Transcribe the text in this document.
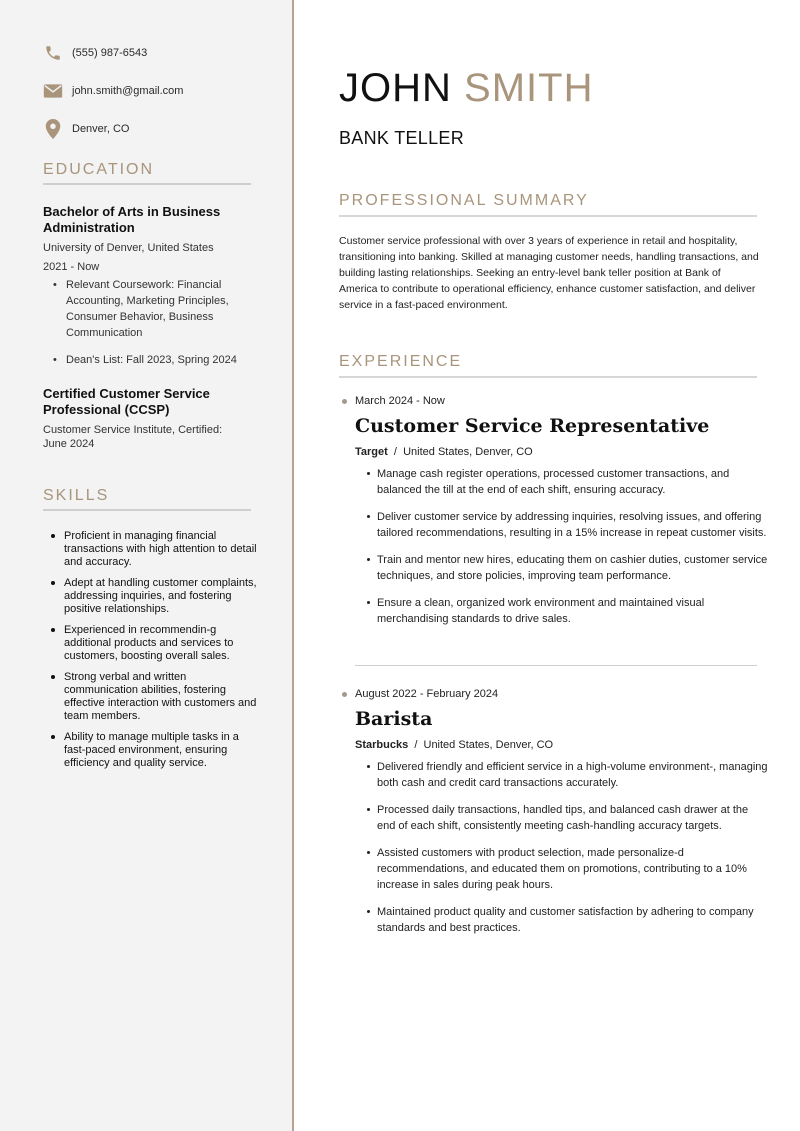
(555) 987-6543
john.smith@gmail.com
Denver, CO
EDUCATION
Bachelor of Arts in Business Administration
University of Denver, United States
2021 - Now
• Relevant Coursework: Financial Accounting, Marketing Principles, Consumer Behavior, Business Communication
• Dean's List: Fall 2023, Spring 2024
Certified Customer Service Professional (CCSP)
Customer Service Institute, Certified: June 2024
SKILLS
Proficient in managing financial transactions with high attention to detail and accuracy.
Adept at handling customer complaints, addressing inquiries, and fostering positive relationships.
Experienced in recommendin-g additional products and services to customers, boosting overall sales.
Strong verbal and written communication abilities, fostering effective interaction with customers and team members.
Ability to manage multiple tasks in a fast-paced environment, ensuring efficiency and quality service.
JOHN SMITH
BANK TELLER
PROFESSIONAL SUMMARY
Customer service professional with over 3 years of experience in retail and hospitality, transitioning into banking. Skilled at managing customer needs, handling transactions, and building lasting relationships. Seeking an entry-level bank teller position at Bank of America to contribute to operational efficiency, enhance customer satisfaction, and deliver service in a fast-paced environment.
EXPERIENCE
March 2024 - Now
Customer Service Representative
Target  /  United States, Denver, CO
Manage cash register operations, processed customer transactions, and balanced the till at the end of each shift, ensuring accuracy.
Deliver customer service by addressing inquiries, resolving issues, and offering tailored recommendations, resulting in a 15% increase in repeat customer visits.
Train and mentor new hires, educating them on cashier duties, customer service techniques, and store policies, improving team performance.
Ensure a clean, organized work environment and maintained visual merchandising standards to drive sales.
August 2022 - February 2024
Barista
Starbucks  /  United States, Denver, CO
Delivered friendly and efficient service in a high-volume environment-, managing both cash and credit card transactions accurately.
Processed daily transactions, handled tips, and balanced cash drawer at the end of each shift, consistently meeting cash-handling accuracy targets.
Assisted customers with product selection, made personalize-d recommendations, and educated them on promotions, contributing to a 10% increase in sales during peak hours.
Maintained product quality and customer satisfaction by adhering to company standards and best practices.
